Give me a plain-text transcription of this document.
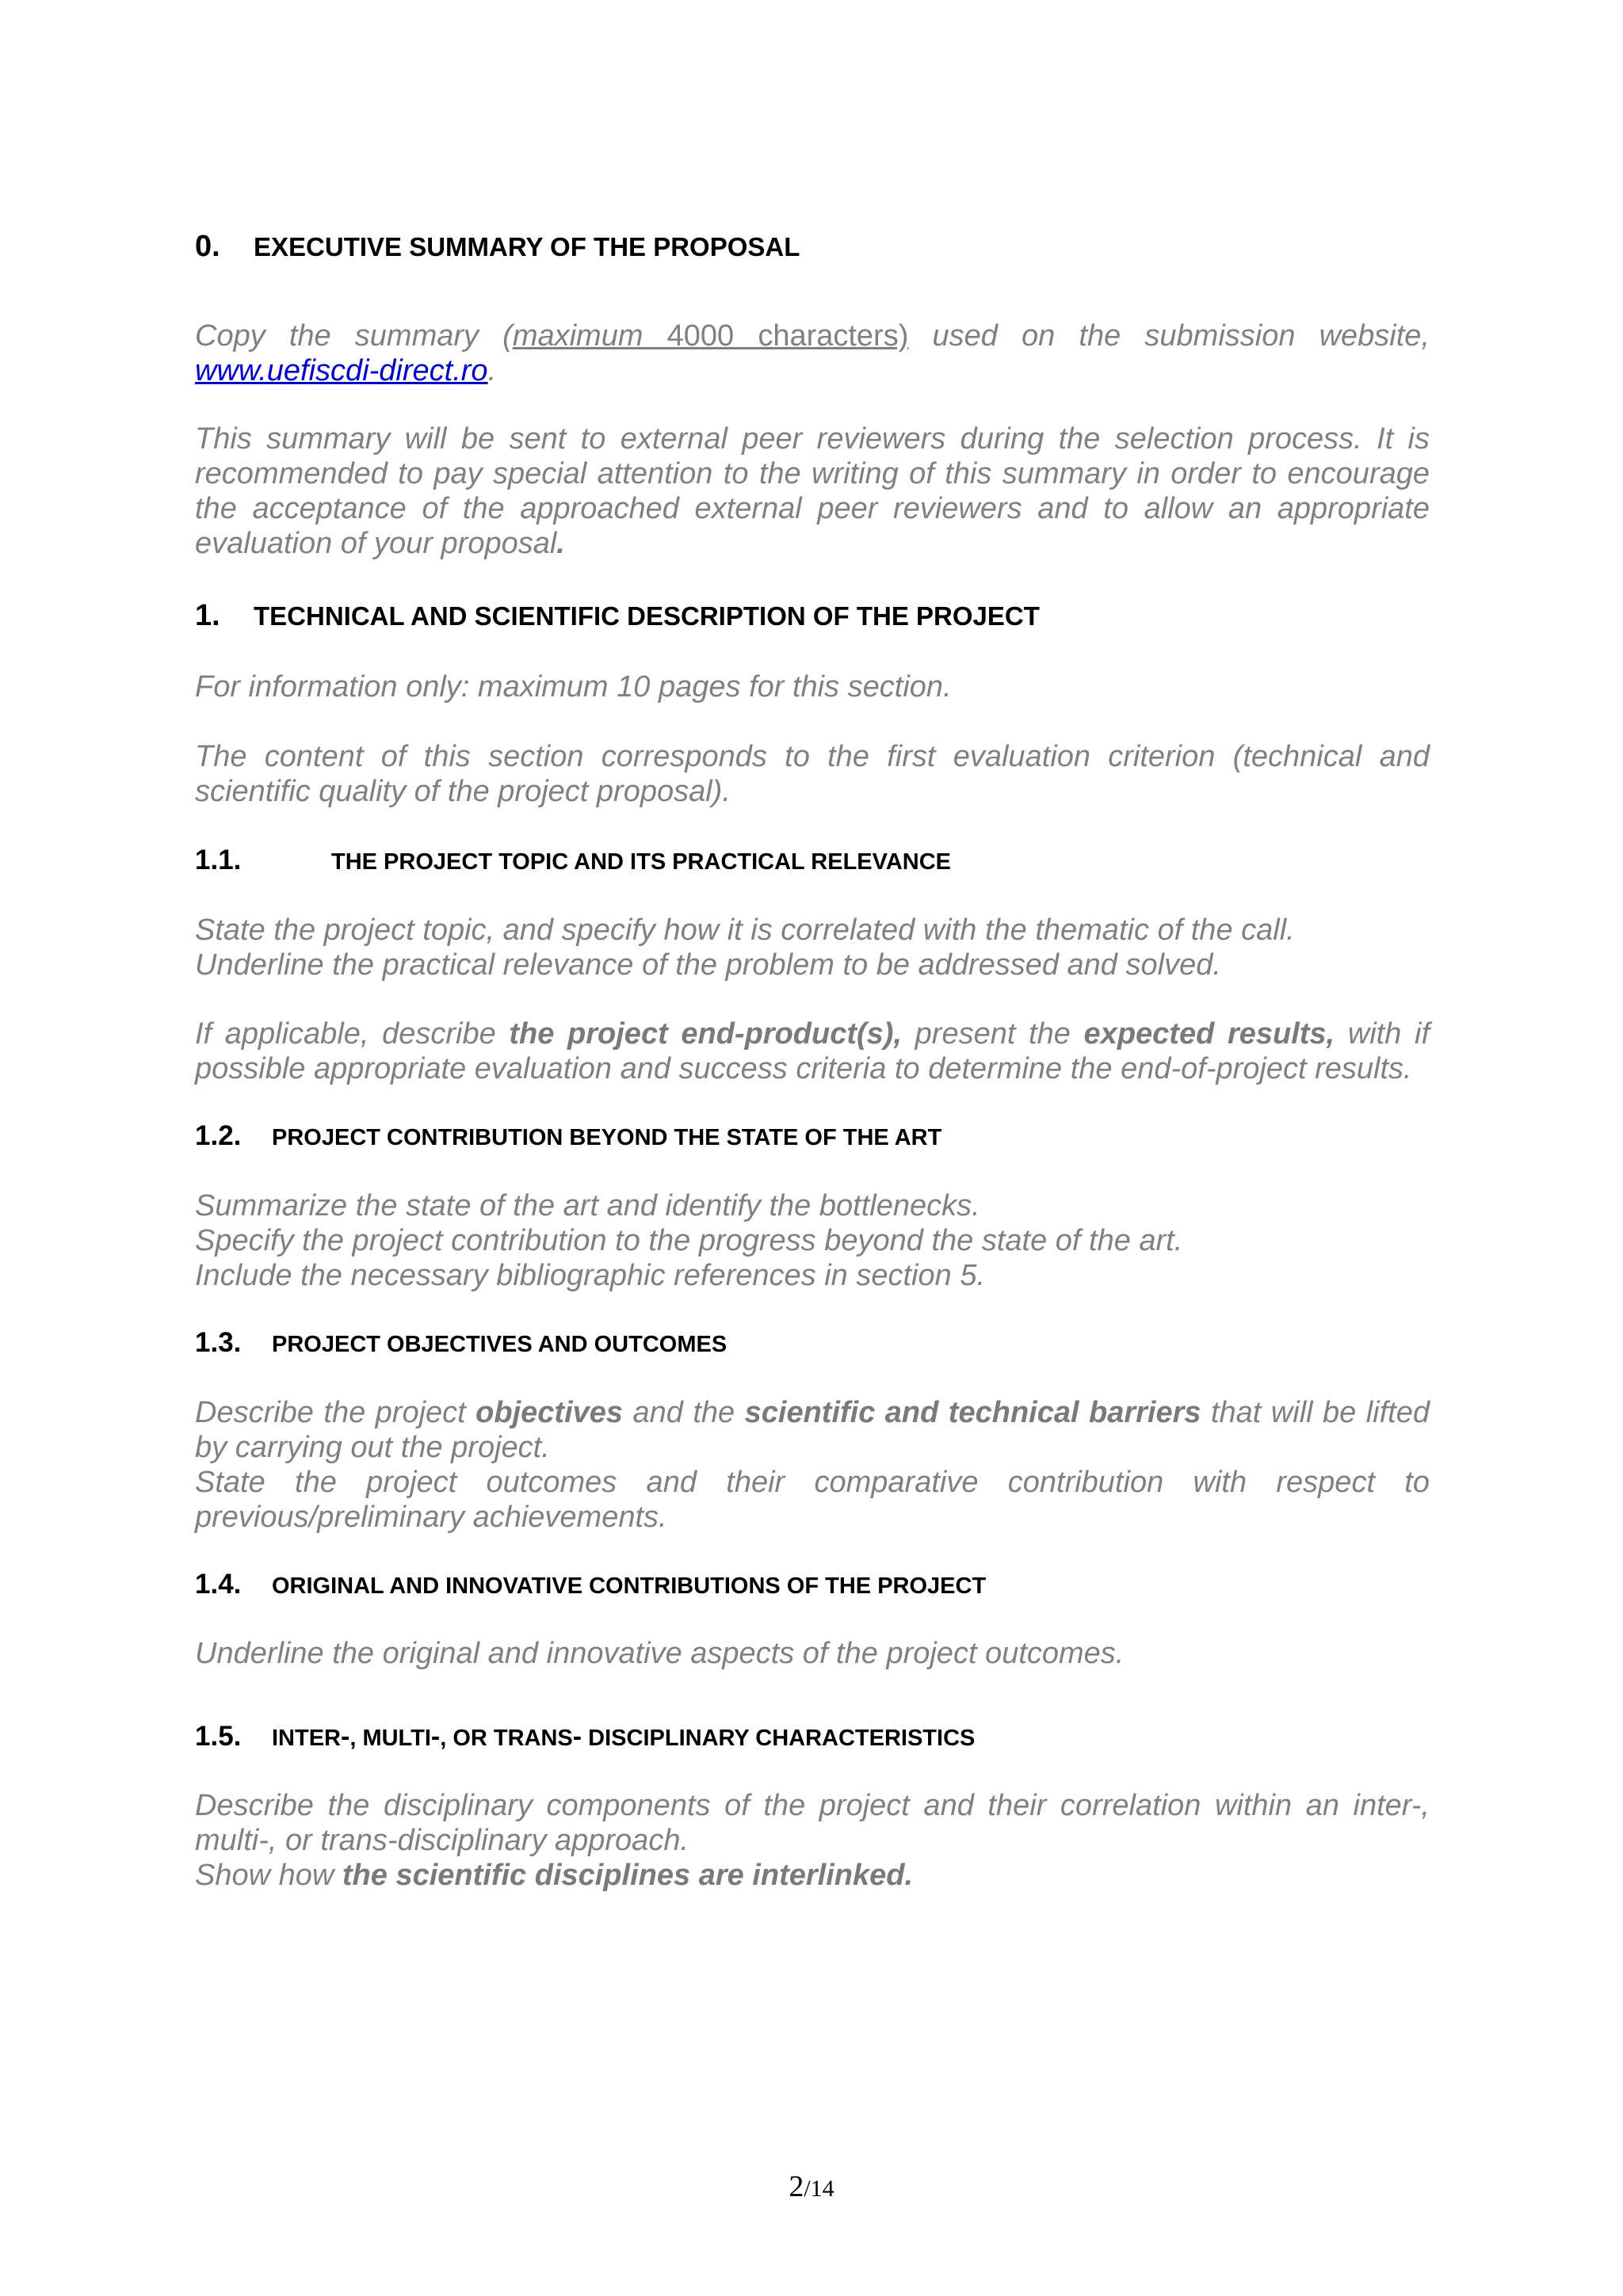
0. EXECUTIVE SUMMARY OF THE PROPOSAL
Copy the summary (maximum 4000 characters) used on the submission website, www.uefiscdi-direct.ro.
This summary will be sent to external peer reviewers during the selection process. It is recommended to pay special attention to the writing of this summary in order to encourage the acceptance of the approached external peer reviewers and to allow an appropriate evaluation of your proposal.
1. TECHNICAL AND SCIENTIFIC DESCRIPTION OF THE PROJECT
For information only: maximum 10 pages for this section.
The content of this section corresponds to the first evaluation criterion (technical and scientific quality of the project proposal).
1.1.	THE PROJECT TOPIC AND ITS PRACTICAL RELEVANCE
State the project topic, and specify how it is correlated with the thematic of the call.
Underline the practical relevance of the problem to be addressed and solved.
If applicable, describe the project end-product(s), present the expected results, with if possible appropriate evaluation and success criteria to determine the end-of-project results.
1.2. PROJECT CONTRIBUTION BEYOND THE STATE OF THE ART
Summarize the state of the art and identify the bottlenecks.
Specify the project contribution to the progress beyond the state of the art.
Include the necessary bibliographic references in section 5.
1.3. PROJECT OBJECTIVES AND OUTCOMES
Describe the project objectives and the scientific and technical barriers that will be lifted by carrying out the project.
State the project outcomes and their comparative contribution with respect to previous/preliminary achievements.
1.4. ORIGINAL AND INNOVATIVE CONTRIBUTIONS OF THE PROJECT
Underline the original and innovative aspects of the project outcomes.
1.5. INTER-, MULTI-, OR TRANS- DISCIPLINARY CHARACTERISTICS
Describe the disciplinary components of the project and their correlation within an inter-, multi-, or trans-disciplinary approach.
Show how the scientific disciplines are interlinked.
2/14
